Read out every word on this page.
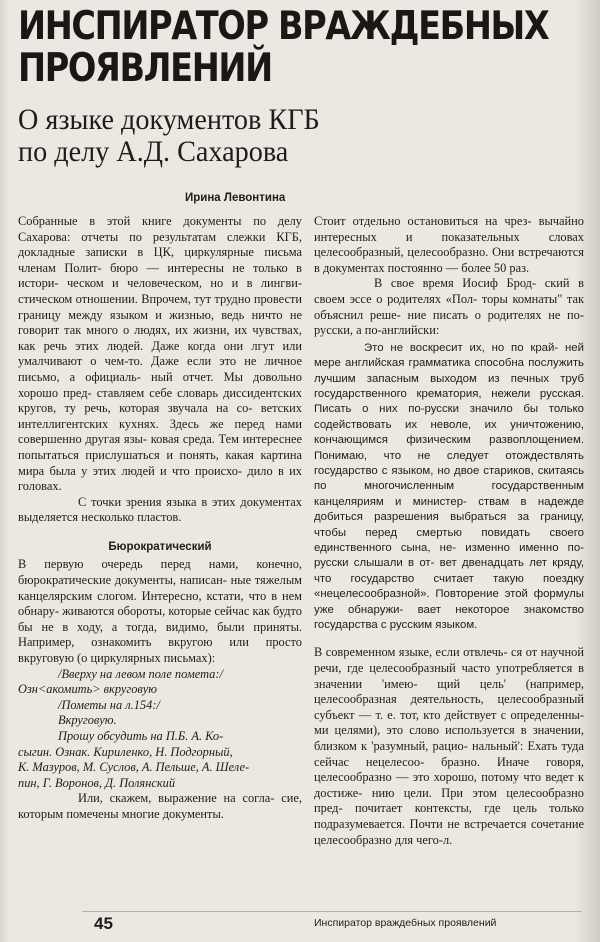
ИНСПИРАТОР ВРАЖДЕБНЫХ
ПРОЯВЛЕНИЙ
О языке документов КГБ
по делу А.Д. Сахарова
Ирина Левонтина

Собранные в этой книге документы по делу Сахарова: отчеты по результатам слежки КГБ, докладные записки в ЦК, циркулярные письма членам Полит- бюро — интересны не только в истори- ческом и человеческом, но и в лингви- стическом отношении. Впрочем, тут трудно провести границу между языком и жизнью, ведь ничто не говорит так много о людях, их жизни, их чувствах, как речь этих людей. Даже когда они лгут или умалчивают о чем-то. Даже если это не личное письмо, а официаль- ный отчет. Мы довольно хорошо пред- ставляем себе словарь диссидентских кругов, ту речь, которая звучала на со- ветских интеллигентских кухнях. Здесь же перед нами совершенно другая язы- ковая среда. Тем интереснее попытаться прислушаться и понять, какая картина мира была у этих людей и что происхо- дило в их головах.

С точки зрения языка в этих документах выделяется несколько пластов.

Бюрократический

В первую очередь перед нами, конечно, бюрократические документы, написан- ные тяжелым канцелярским слогом. Интересно, кстати, что в нем обнару- живаются обороты, которые сейчас как будто бы не в ходу, а тогда, видимо, были приняты. Например, ознакомить вкругою или просто вкруговую (о циркулярных письмах):

/Вверху на левом поле помета:/
Озн<акомить> вкруговую
/Пометы на л.154:/
Вкруговую.
Прошу обсудить на П.Б. А. Ко-
сыгин. Ознак. Кириленко, Н. Подгорный,
К. Мазуров, М. Суслов, А. Пельше, А. Шеле-
пин, Г. Воронов, Д. Полянский

Или, скажем, выражение на согла- сие, которым помечены многие документы.

Стоит отдельно остановиться на чрез- вычайно интересных и показательных словах целесообразный, целесообразно. Они встречаются в документах постоянно — более 50 раз.

В свое время Иосиф Брод- ский в своем эссе о родителях «Пол- торы комнаты" так объяснил реше- ние писать о родителях не по-русски, а по-английски:

Это не воскресит их, но по край- ней мере английская грамматика способна послужить лучшим запасным выходом из печных труб государственного крематория, нежели русская. Писать о них по-русски значило бы только содействовать их неволе, их уничтожению, кончающимся физическим развоплощением. Понимаю, что не следует отождествлять государство с языком, но двое стариков, скитаясь по многочисленным	государственным канцеляриям и министер- ствам в надежде добиться разрешения выбраться за границу, чтобы перед смертью повидать своего единственного сына, не- изменно именно по-русски слышали в от- вет двенадцать лет кряду, что государство считает такую поездку «нецелесообразной». Повторение этой формулы уже обнаружи- вает некоторое знакомство государства с русским языком.

В современном языке, если отвлечь- ся от научной речи, где целесообразный часто употребляется в значении 'имею- щий цель' (например, целесообразная деятельность, целесообразный субъект — т. е. тот, кто действует с определенны- ми целями), это слово используется в значении, близком к 'разумный, рацио- нальный': Ехать туда сейчас нецелесоо- бразно. Иначе говоря, целесообразно — это хорошо, потому что ведет к достиже- нию цели. При этом целесообразно пред- почитает контексты, где цель только подразумевается. Почти не встречается сочетание целесообразно для чего-л.

45	Инспиратор враждебных проявлений
